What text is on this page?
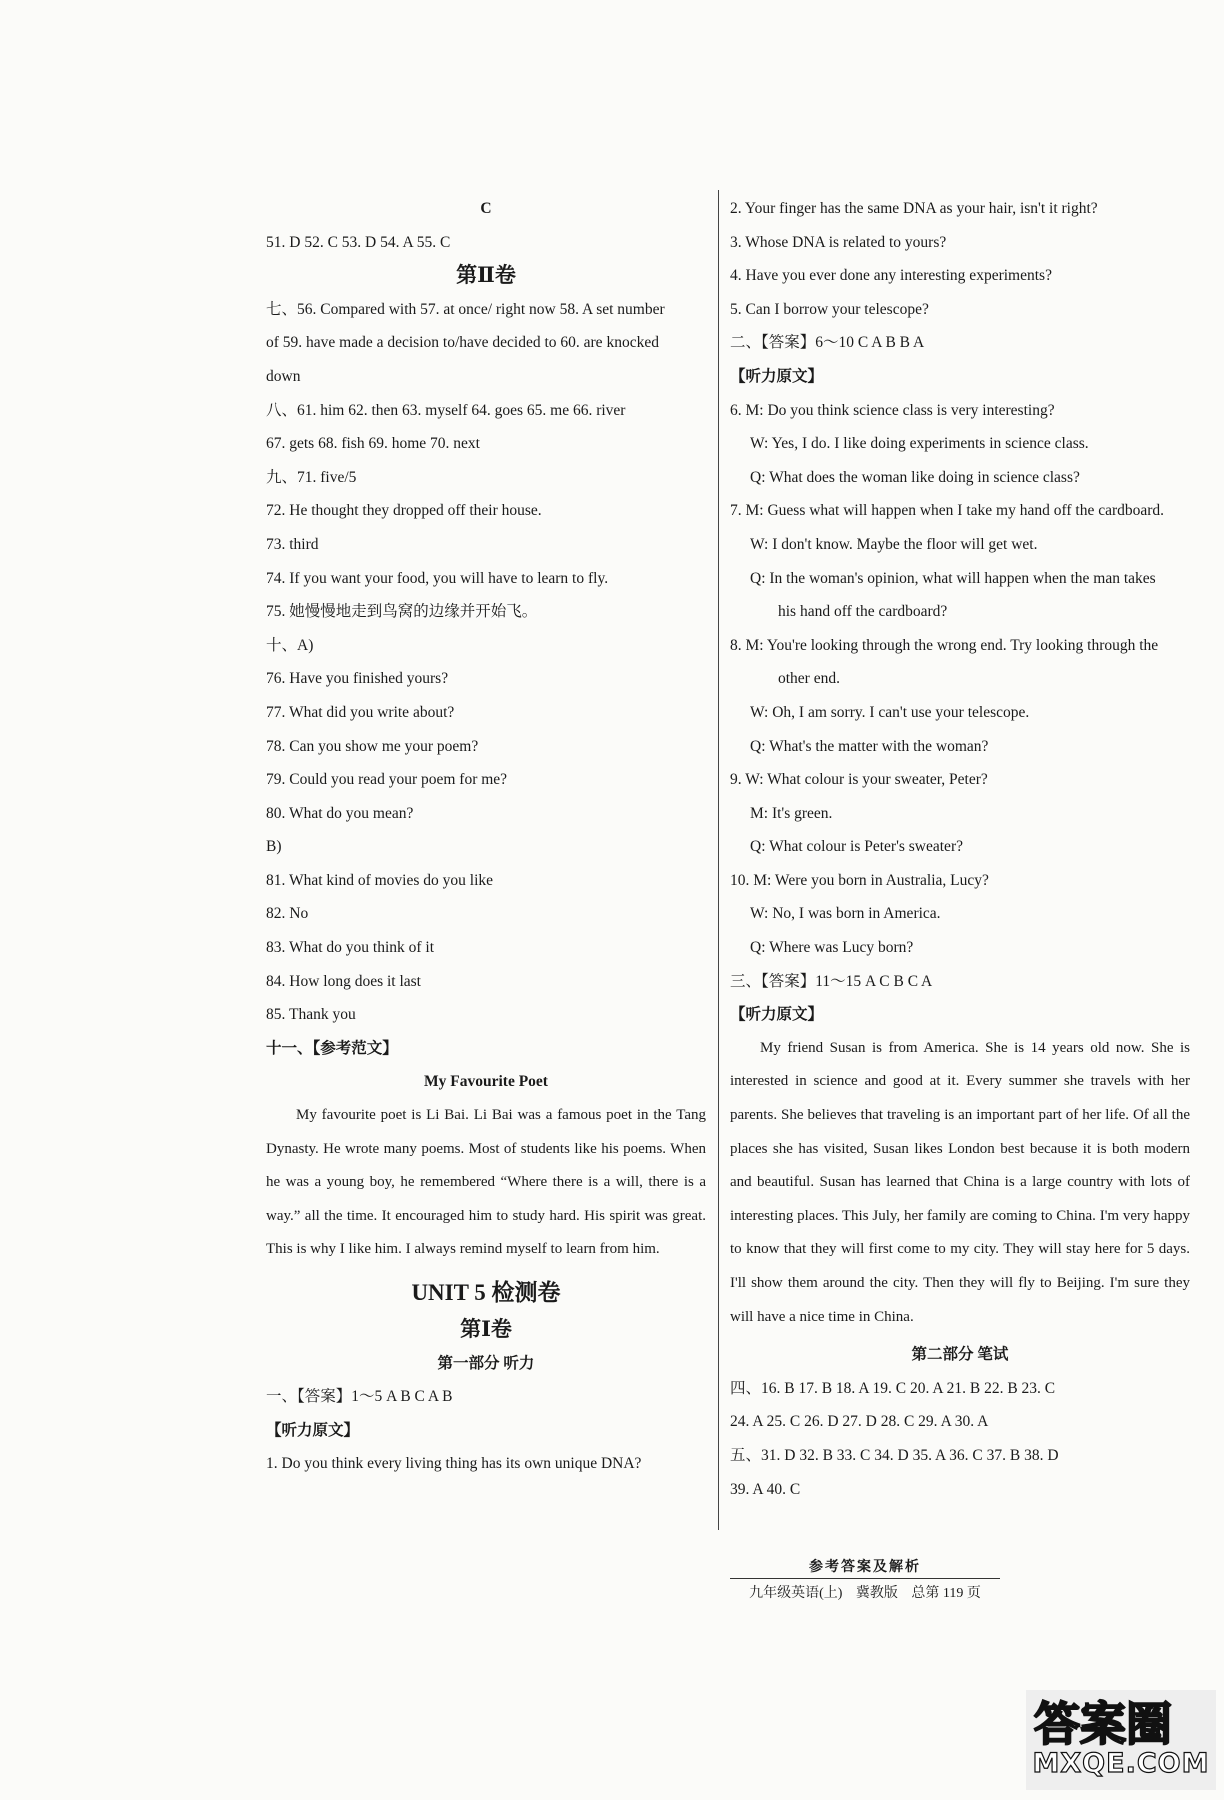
C
51. D 52. C 53. D 54. A 55. C
第Ⅱ卷
七、56. Compared with 57. at once/ right now 58. A set number
of 59. have made a decision to/have decided to 60. are knocked
down
八、61. him 62. then 63. myself 64. goes 65. me 66. river
67. gets 68. fish 69. home 70. next
九、71. five/5
72. He thought they dropped off their house.
73. third
74. If you want your food, you will have to learn to fly.
75. 她慢慢地走到鸟窝的边缘并开始飞。
十、A)
76. Have you finished yours?
77. What did you write about?
78. Can you show me your poem?
79. Could you read your poem for me?
80. What do you mean?
B)
81. What kind of movies do you like
82. No
83. What do you think of it
84. How long does it last
85. Thank you
十一、【参考范文】
My Favourite Poet

My favourite poet is Li Bai. Li Bai was a famous poet in the Tang Dynasty. He wrote many poems. Most of students like his poems. When he was a young boy, he remembered “Where there is a will, there is a way.” all the time. It encouraged him to study hard. His spirit was great. This is why I like him. I always remind myself to learn from him.

UNIT 5 检测卷
第Ⅰ卷
第一部分 听力
一、【答案】1～5 A B C A B
【听力原文】
1. Do you think every living thing has its own unique DNA?
2. Your finger has the same DNA as your hair, isn't it right?
3. Whose DNA is related to yours?
4. Have you ever done any interesting experiments?
5. Can I borrow your telescope?
二、【答案】6～10 C A B B A
【听力原文】
6. M: Do you think science class is very interesting?
W: Yes, I do. I like doing experiments in science class.
Q: What does the woman like doing in science class?
7. M: Guess what will happen when I take my hand off the cardboard.
W: I don't know. Maybe the floor will get wet.
Q: In the woman's opinion, what will happen when the man takes
his hand off the cardboard?
8. M: You're looking through the wrong end. Try looking through the
other end.
W: Oh, I am sorry. I can't use your telescope.
Q: What's the matter with the woman?
9. W: What colour is your sweater, Peter?
M: It's green.
Q: What colour is Peter's sweater?
10. M: Were you born in Australia, Lucy?
W: No, I was born in America.
Q: Where was Lucy born?
三、【答案】11～15 A C B C A
【听力原文】

My friend Susan is from America. She is 14 years old now. She is interested in science and good at it. Every summer she travels with her parents. She believes that traveling is an important part of her life. Of all the places she has visited, Susan likes London best because it is both modern and beautiful. Susan has learned that China is a large country with lots of interesting places. This July, her family are coming to China. I'm very happy to know that they will first come to my city. They will stay here for 5 days. I'll show them around the city. Then they will fly to Beijing. I'm sure they will have a nice time in China.

第二部分 笔试
四、16. B 17. B 18. A 19. C 20. A 21. B 22. B 23. C
24. A 25. C 26. D 27. D 28. C 29. A 30. A
五、31. D 32. B 33. C 34. D 35. A 36. C 37. B 38. D
39. A 40. C
参考答案及解析
九年级英语(上) 冀教版 总第 119 页
答案圈
MXQE.COM
